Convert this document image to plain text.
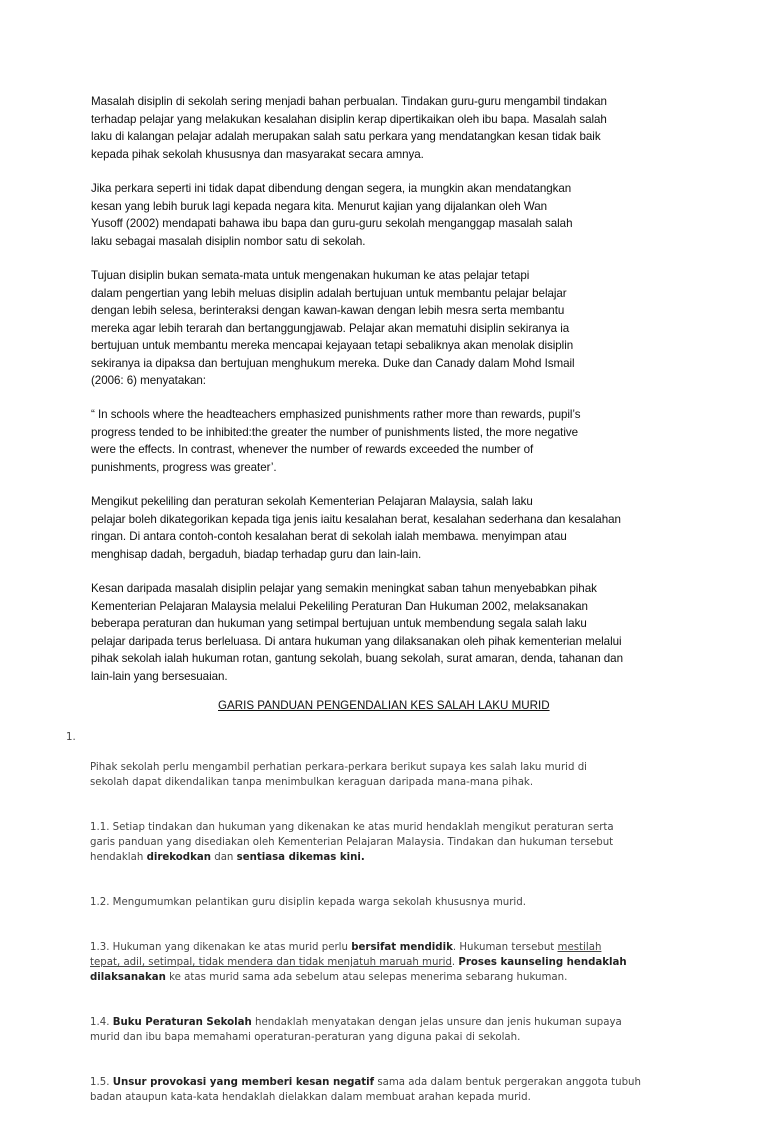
Masalah disiplin di sekolah sering menjadi bahan perbualan. Tindakan guru-guru mengambil tindakan
terhadap pelajar yang melakukan kesalahan disiplin kerap dipertikaikan oleh ibu bapa. Masalah salah
laku di kalangan pelajar adalah merupakan salah satu perkara yang mendatangkan kesan tidak baik
kepada pihak sekolah khususnya dan masyarakat secara amnya.

Jika perkara seperti ini tidak dapat dibendung dengan segera, ia mungkin akan mendatangkan
kesan yang lebih buruk lagi kepada negara kita. Menurut kajian yang dijalankan oleh Wan
Yusoff (2002) mendapati bahawa ibu bapa dan guru-guru sekolah menganggap masalah salah
laku sebagai masalah disiplin nombor satu di sekolah.

Tujuan disiplin bukan semata-mata untuk mengenakan hukuman ke atas pelajar tetapi
dalam pengertian yang lebih meluas disiplin adalah bertujuan untuk membantu pelajar belajar
dengan lebih selesa, berinteraksi dengan kawan-kawan dengan lebih mesra serta membantu
mereka agar lebih terarah dan bertanggungjawab. Pelajar akan mematuhi disiplin sekiranya ia
bertujuan untuk membantu mereka mencapai kejayaan tetapi sebaliknya akan menolak disiplin
sekiranya ia dipaksa dan bertujuan menghukum mereka. Duke dan Canady dalam Mohd Ismail
(2006: 6) menyatakan:

“ In schools where the headteachers emphasized punishments rather more than rewards, pupil’s
progress tended to be inhibited:the greater the number of punishments listed, the more negative
were the effects. In contrast, whenever the number of rewards exceeded the number of
punishments, progress was greater’.

Mengikut pekeliling dan peraturan sekolah Kementerian Pelajaran Malaysia, salah laku
pelajar boleh dikategorikan kepada tiga jenis iaitu kesalahan berat, kesalahan sederhana dan kesalahan
ringan. Di antara contoh-contoh kesalahan berat di sekolah ialah membawa. menyimpan atau
menghisap dadah, bergaduh, biadap terhadap guru dan lain-lain.

Kesan daripada masalah disiplin pelajar yang semakin meningkat saban tahun menyebabkan pihak
Kementerian Pelajaran Malaysia melalui Pekeliling Peraturan Dan Hukuman 2002, melaksanakan
beberapa peraturan dan hukuman yang setimpal bertujuan untuk membendung segala salah laku
pelajar daripada terus berleluasa. Di antara hukuman yang dilaksanakan oleh pihak kementerian melalui
pihak sekolah ialah hukuman rotan, gantung sekolah, buang sekolah, surat amaran, denda, tahanan dan
lain-lain yang bersesuaian.

GARIS PANDUAN PENGENDALIAN KES SALAH LAKU MURID

1.

Pihak sekolah perlu mengambil perhatian perkara-perkara berikut supaya kes salah laku murid di
sekolah dapat dikendalikan tanpa menimbulkan keraguan daripada mana-mana pihak.

1.1. Setiap tindakan dan hukuman yang dikenakan ke atas murid hendaklah mengikut peraturan serta
garis panduan yang disediakan oleh Kementerian Pelajaran Malaysia. Tindakan dan hukuman tersebut
hendaklah direkodkan dan sentiasa dikemas kini.

1.2. Mengumumkan pelantikan guru disiplin kepada warga sekolah khususnya murid.

1.3. Hukuman yang dikenakan ke atas murid perlu bersifat mendidik. Hukuman tersebut mestilah
tepat, adil, setimpal, tidak mendera dan tidak menjatuh maruah murid. Proses kaunseling hendaklah
dilaksanakan ke atas murid sama ada sebelum atau selepas menerima sebarang hukuman.

1.4. Buku Peraturan Sekolah hendaklah menyatakan dengan jelas unsure dan jenis hukuman supaya
murid dan ibu bapa memahami operaturan-peraturan yang diguna pakai di sekolah.

1.5. Unsur provokasi yang memberi kesan negatif sama ada dalam bentuk pergerakan anggota tubuh
badan ataupun kata-kata hendaklah dielakkan dalam membuat arahan kepada murid.
